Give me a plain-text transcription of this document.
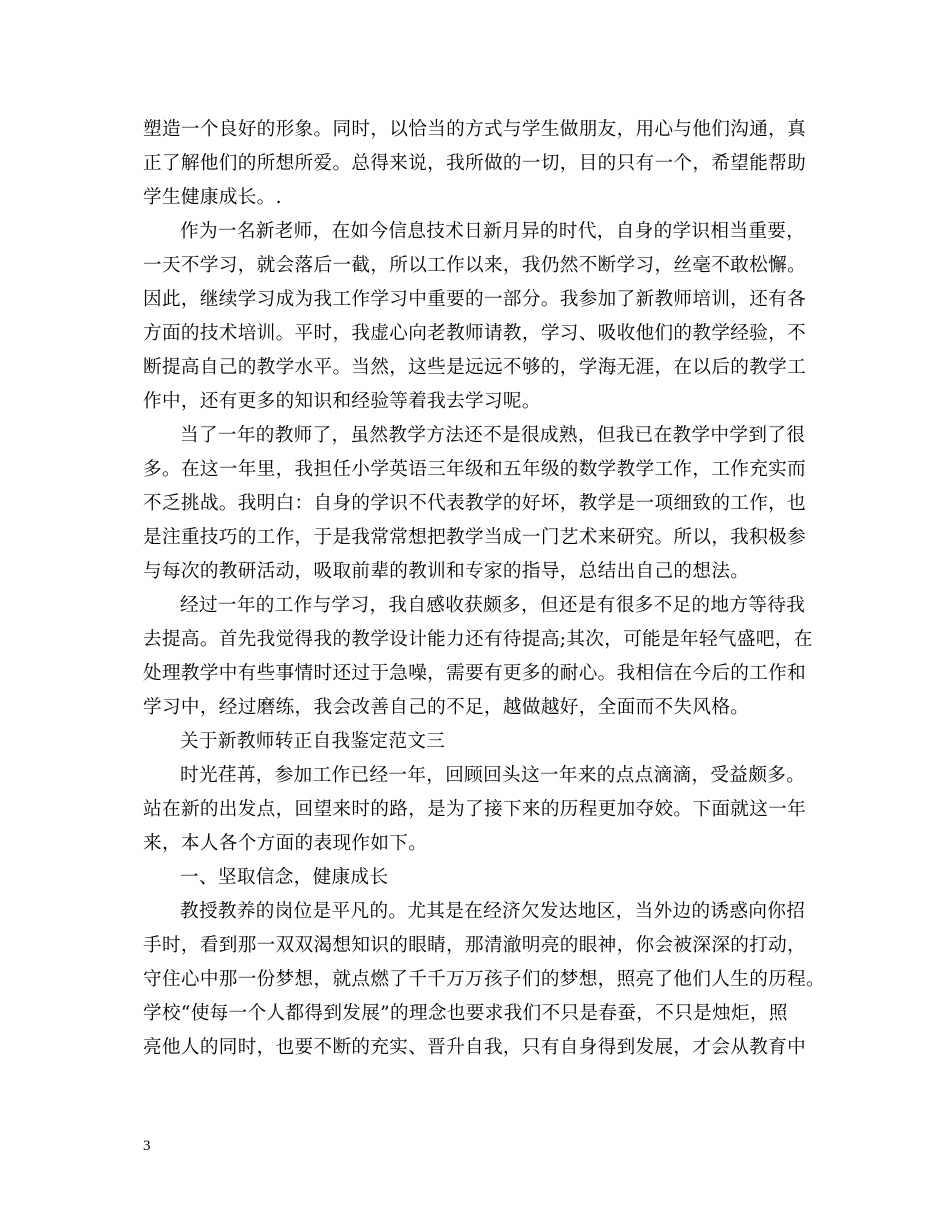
塑造一个良好的形象。同时，以恰当的方式与学生做朋友，用心与他们沟通，真
正了解他们的所想所爱。总得来说，我所做的一切，目的只有一个，希望能帮助
学生健康成长。.
作为一名新老师，在如今信息技术日新月异的时代，自身的学识相当重要，
一天不学习，就会落后一截，所以工作以来，我仍然不断学习，丝毫不敢松懈。
因此，继续学习成为我工作学习中重要的一部分。我参加了新教师培训，还有各
方面的技术培训。平时，我虚心向老教师请教，学习、吸收他们的教学经验，不
断提高自己的教学水平。当然，这些是远远不够的，学海无涯，在以后的教学工
作中，还有更多的知识和经验等着我去学习呢。
当了一年的教师了，虽然教学方法还不是很成熟，但我已在教学中学到了很
多。在这一年里，我担任小学英语三年级和五年级的数学教学工作，工作充实而
不乏挑战。我明白：自身的学识不代表教学的好坏，教学是一项细致的工作，也
是注重技巧的工作，于是我常常想把教学当成一门艺术来研究。所以，我积极参
与每次的教研活动，吸取前辈的教训和专家的指导，总结出自己的想法。
经过一年的工作与学习，我自感收获颇多，但还是有很多不足的地方等待我
去提高。首先我觉得我的教学设计能力还有待提高;其次，可能是年轻气盛吧，在
处理教学中有些事情时还过于急噪，需要有更多的耐心。我相信在今后的工作和
学习中，经过磨练，我会改善自己的不足，越做越好，全面而不失风格。
关于新教师转正自我鉴定范文三
时光荏苒，参加工作已经一年，回顾回头这一年来的点点滴滴，受益颇多。
站在新的出发点，回望来时的路，是为了接下来的历程更加夺姣。下面就这一年
来，本人各个方面的表现作如下。
一、坚取信念，健康成长
教授教养的岗位是平凡的。尤其是在经济欠发达地区，当外边的诱惑向你招
手时，看到那一双双渴想知识的眼睛，那清澈明亮的眼神，你会被深深的打动，
守住心中那一份梦想，就点燃了千千万万孩子们的梦想，照亮了他们人生的历程。
学校“使每一个人都得到发展”的理念也要求我们不只是春蚕，不只是烛炬，照
亮他人的同时，也要不断的充实、晋升自我，只有自身得到发展，才会从教育中
3
